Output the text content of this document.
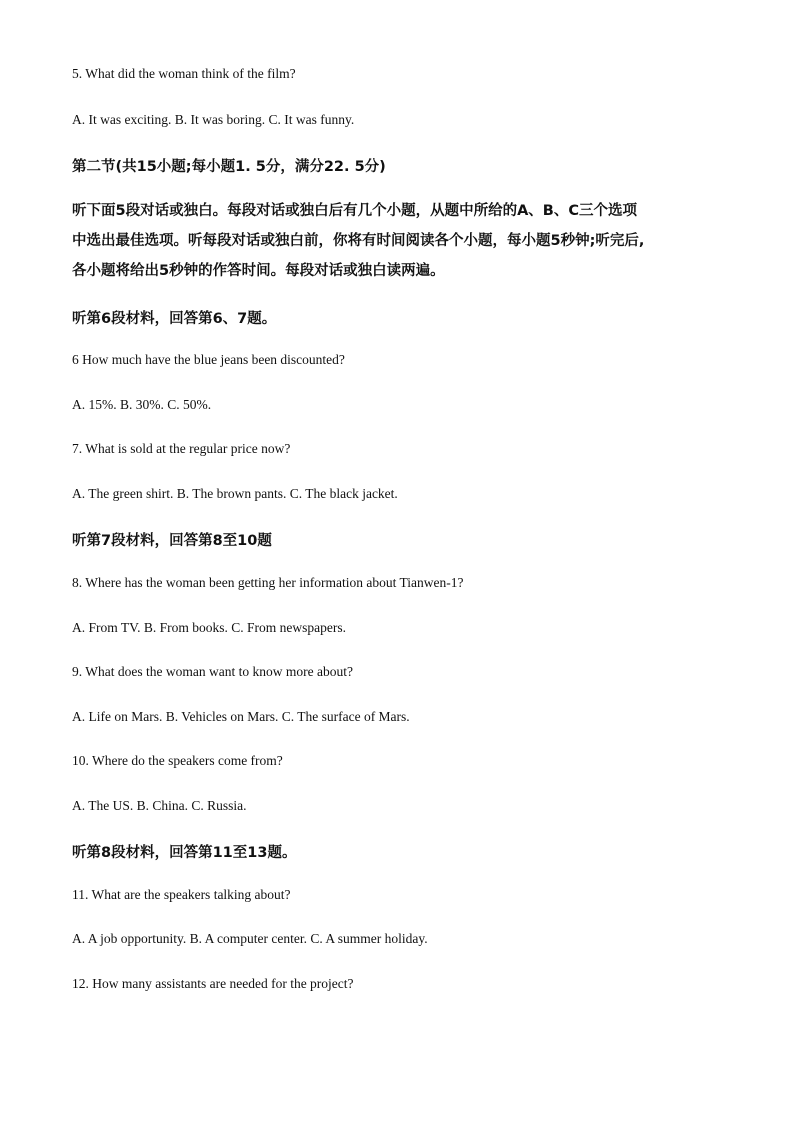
5. What did the woman think of the film?
A. It was exciting. B. It was boring. C. It was funny.
第二节(共15小题;每小题1. 5分，满分22. 5分)
听下面5段对话或独白。每段对话或独白后有几个小题，从题中所给的A、B、C三个选项
中选出最佳选项。听每段对话或独白前，你将有时间阅读各个小题，每小题5秒钟;听完后,
各小题将给出5秒钟的作答时间。每段对话或独白读两遍。
听第6段材料，回答第6、7题。
6 How much have the blue jeans been discounted?
A. 15%. B. 30%. C. 50%.
7. What is sold at the regular price now?
A. The green shirt. B. The brown pants. C. The black jacket.
听第7段材料，回答第8至10题
8. Where has the woman been getting her information about Tianwen-1?
A. From TV. B. From books. C. From newspapers.
9. What does the woman want to know more about?
A. Life on Mars. B. Vehicles on Mars. C. The surface of Mars.
10. Where do the speakers come from?
A. The US. B. China. C. Russia.
听第8段材料，回答第11至13题。
11. What are the speakers talking about?
A. A job opportunity. B. A computer center. C. A summer holiday.
12. How many assistants are needed for the project?
